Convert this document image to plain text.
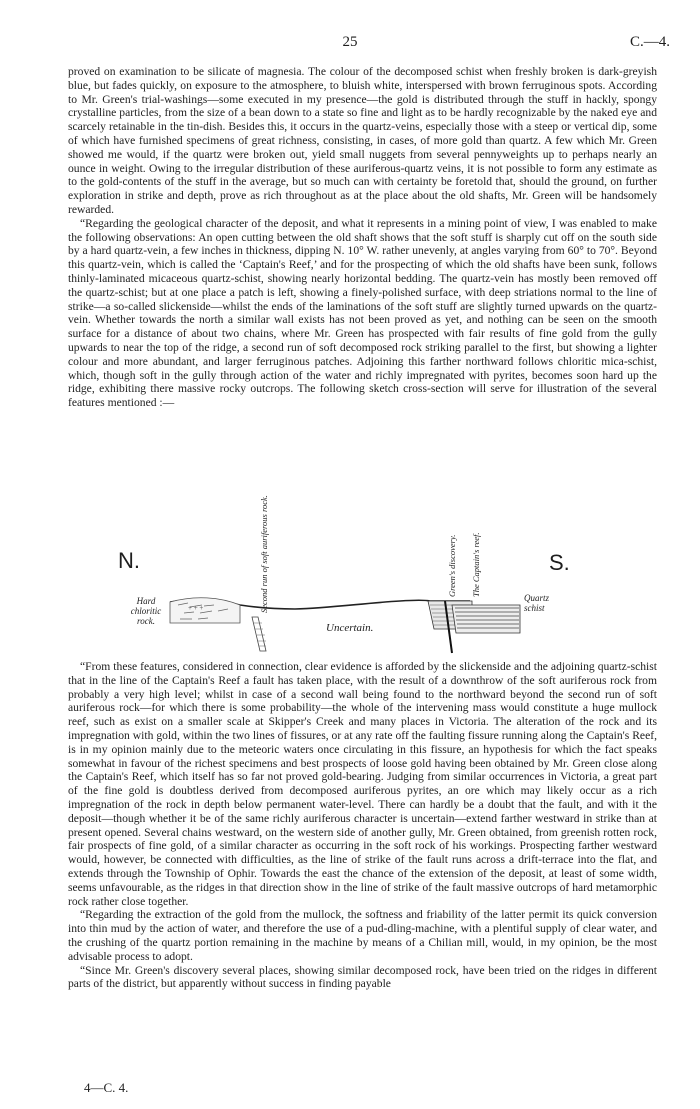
25	C.—4.

proved on examination to be silicate of magnesia. The colour of the decomposed schist when freshly broken is dark-greyish blue, but fades quickly, on exposure to the atmosphere, to bluish white, interspersed with brown ferruginous spots. According to Mr. Green's trial-washings—some executed in my presence—the gold is distributed through the stuff in hackly, spongy crystalline particles, from the size of a bean down to a state so fine and light as to be hardly recognizable by the naked eye and scarcely retainable in the tin-dish. Besides this, it occurs in the quartz-veins, especially those with a steep or vertical dip, some of which have furnished specimens of great richness, consisting, in cases, of more gold than quartz. A few which Mr. Green showed me would, if the quartz were broken out, yield small nuggets from several pennyweights up to perhaps nearly an ounce in weight. Owing to the irregular distribution of these auriferous-quartz veins, it is not possible to form any estimate as to the gold-contents of the stuff in the average, but so much can with certainty be foretold that, should the ground, on further exploration in strike and depth, prove as rich throughout as at the place about the old shafts, Mr. Green will be handsomely rewarded.

“Regarding the geological character of the deposit, and what it represents in a mining point of view, I was enabled to make the following observations: An open cutting between the old shaft shows that the soft stuff is sharply cut off on the south side by a hard quartz-vein, a few inches in thickness, dipping N. 10° W. rather unevenly, at angles varying from 60° to 70°. Beyond this quartz-vein, which is called the ‘Captain's Reef,’ and for the prospecting of which the old shafts have been sunk, follows thinly-laminated micaceous quartz-schist, showing nearly horizontal bedding. The quartz-vein has mostly been removed off the quartz-schist; but at one place a patch is left, showing a finely-polished surface, with deep striations normal to the line of strike—a so-called slickenside—whilst the ends of the laminations of the soft stuff are slightly turned upwards on the quartz-vein. Whether towards the north a similar wall exists has not been proved as yet, and nothing can be seen on the smooth surface for a distance of about two chains, where Mr. Green has prospected with fair results of fine gold from the gully upwards to near the top of the ridge, a second run of soft decomposed rock striking parallel to the first, but showing a lighter colour and more abundant, and larger ferruginous patches. Adjoining this farther northward follows chloritic mica-schist, which, though soft in the gully through action of the water and richly impregnated with pyrites, becomes soon hard up the ridge, exhibiting there massive rocky outcrops. The following sketch cross-section will serve for illustration of the several features mentioned :—

+ + +
N.	S.
Hard chloritic rock.
Second run of soft auriferous rock.	Green's discovery. The Captain's reef.
Quartz schist
Uncertain.

“From these features, considered in connection, clear evidence is afforded by the slickenside and the adjoining quartz-schist that in the line of the Captain's Reef a fault has taken place, with the result of a downthrow of the soft auriferous rock from probably a very high level; whilst in case of a second wall being found to the northward beyond the second run of soft auriferous rock—for which there is some probability—the whole of the intervening mass would constitute a huge mullock reef, such as exist on a smaller scale at Skipper's Creek and many places in Victoria. The alteration of the rock and its impregnation with gold, within the two lines of fissures, or at any rate off the faulting fissure running along the Captain's Reef, is in my opinion mainly due to the meteoric waters once circulating in this fissure, an hypothesis for which the fact speaks somewhat in favour of the richest specimens and best prospects of loose gold having been obtained by Mr. Green close along the Captain's Reef, which itself has so far not proved gold-bearing. Judging from similar occurrences in Victoria, a great part of the fine gold is doubtless derived from decomposed auriferous pyrites, an ore which may likely occur as a rich impregnation of the rock in depth below permanent water-level. There can hardly be a doubt that the fault, and with it the deposit—though whether it be of the same richly auriferous character is uncertain—extend farther westward in strike than at present opened. Several chains westward, on the western side of another gully, Mr. Green obtained, from greenish rotten rock, fair prospects of fine gold, of a similar character as occurring in the soft rock of his workings. Prospecting farther westward would, however, be connected with difficulties, as the line of strike of the fault runs across a drift-terrace into the flat, and extends through the Township of Ophir. Towards the east the chance of the extension of the deposit, at least of some width, seems unfavourable, as the ridges in that direction show in the line of strike of the fault massive outcrops of hard metamorphic rock rather close together.

“Regarding the extraction of the gold from the mullock, the softness and friability of the latter permit its quick conversion into thin mud by the action of water, and therefore the use of a pud-dling-machine, with a plentiful supply of clear water, and the crushing of the quartz portion remaining in the machine by means of a Chilian mill, would, in my opinion, be the most advisable process to adopt.

“Since Mr. Green's discovery several places, showing similar decomposed rock, have been tried on the ridges in different parts of the district, but apparently without success in finding payable

4—C. 4.
